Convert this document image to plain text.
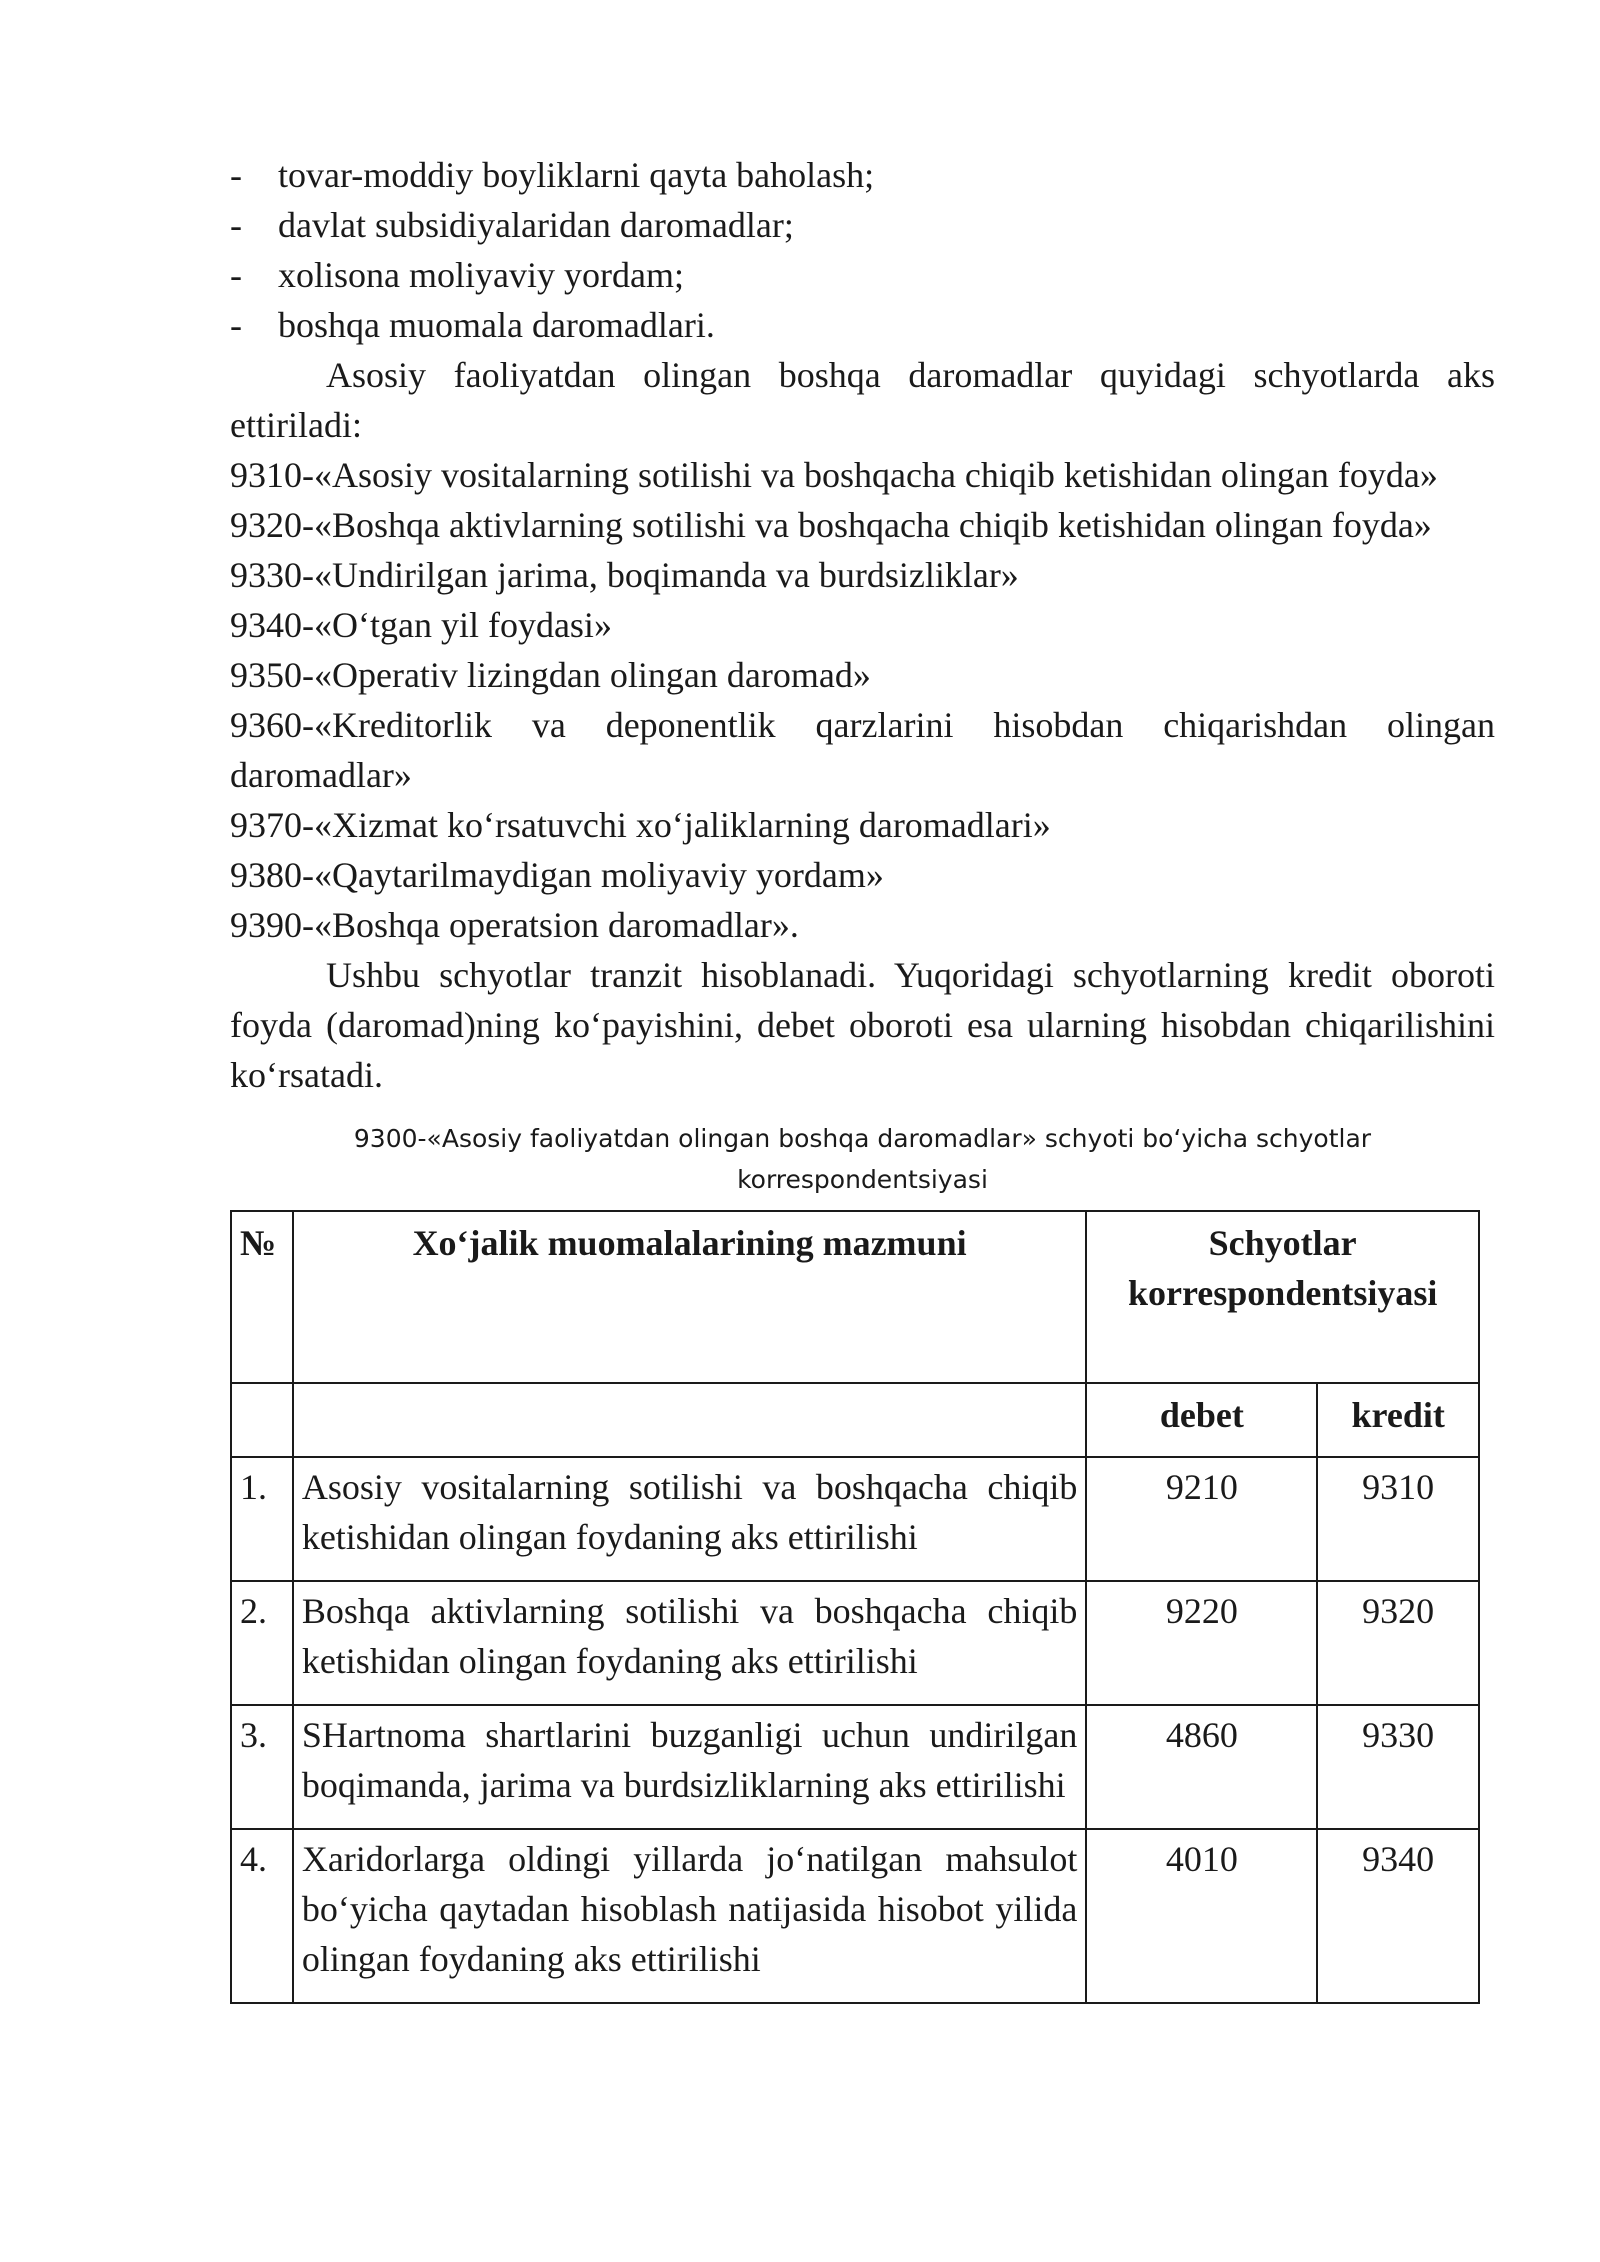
-	tovar-moddiy boyliklarni qayta baholash;
-	davlat subsidiyalaridan daromadlar;
-	xolisona moliyaviy yordam;
-	boshqa muomala daromadlari.

Asosiy faoliyatdan olingan boshqa daromadlar quyidagi schyotlarda aks ettiriladi:

9310-«Asosiy vositalarning sotilishi va boshqacha chiqib ketishidan olingan foyda»

9320-«Boshqa aktivlarning sotilishi va boshqacha chiqib ketishidan olingan foyda»

9330-«Undirilgan jarima, boqimanda va burdsizliklar»

9340-«O‘tgan yil foydasi»

9350-«Operativ lizingdan olingan daromad»

9360-«Kreditorlik va deponentlik qarzlarini hisobdan chiqarishdan olingan daromadlar»

9370-«Xizmat ko‘rsatuvchi xo‘jaliklarning daromadlari»

9380-«Qaytarilmaydigan moliyaviy yordam»

9390-«Boshqa operatsion daromadlar».

Ushbu schyotlar tranzit hisoblanadi. Yuqoridagi schyotlarning kredit oboroti foyda (daromad)ning ko‘payishini, debet oboroti esa ularning hisobdan chiqarilishini ko‘rsatadi.

9300-«Asosiy faoliyatdan olingan boshqa daromadlar» schyoti bo‘yicha schyotlar korrespondentsiyasi

№	Xo‘jalik muomalalarining mazmuni	Schyotlar korrespondentsiyasi	
		debet	kredit
1.	Asosiy vositalarning sotilishi va boshqacha chiqib ketishidan olingan foydaning aks ettirilishi	9210	9310
2.	Boshqa aktivlarning sotilishi va boshqacha chiqib ketishidan olingan foydaning aks ettirilishi	9220	9320
3.	SHartnoma shartlarini buzganligi uchun undirilgan boqimanda, jarima va burdsizliklarning aks ettirilishi	4860	9330
4.	Xaridorlarga oldingi yillarda jo‘natilgan mahsulot bo‘yicha qaytadan hisoblash natijasida hisobot yilida olingan foydaning aks ettirilishi	4010	9340
